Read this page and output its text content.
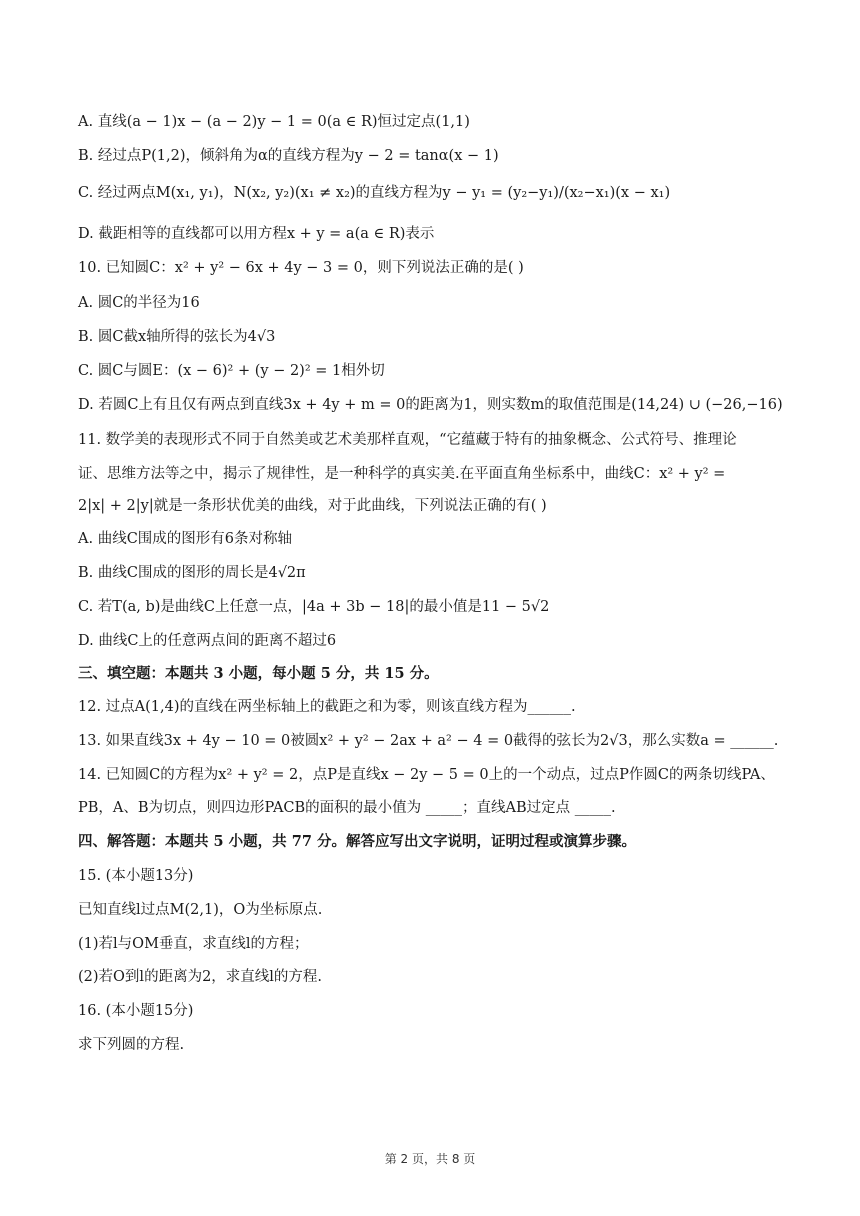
A. 直线(a − 1)x − (a − 2)y − 1 = 0(a ∈ R)恒过定点(1,1)
B. 经过点P(1,2)，倾斜角为α的直线方程为y − 2 = tanα(x − 1)
C. 经过两点M(x₁, y₁)，N(x₂, y₂)(x₁ ≠ x₂)的直线方程为y − y₁ = (y₂−y₁)/(x₂−x₁)(x − x₁)
D. 截距相等的直线都可以用方程x + y = a(a ∈ R)表示
10. 已知圆C：x² + y² − 6x + 4y − 3 = 0，则下列说法正确的是( )
A. 圆C的半径为16
B. 圆C截x轴所得的弦长为4√3
C. 圆C与圆E：(x − 6)² + (y − 2)² = 1相外切
D. 若圆C上有且仅有两点到直线3x + 4y + m = 0的距离为1，则实数m的取值范围是(14,24) ∪ (−26,−16)
11. 数学美的表现形式不同于自然美或艺术美那样直观，“它蕴藏于特有的抽象概念、公式符号、推理论
证、思维方法等之中，揭示了规律性，是一种科学的真实美.在平面直角坐标系中，曲线C：x² + y² =
2|x| + 2|y|就是一条形状优美的曲线，对于此曲线，下列说法正确的有( )
A. 曲线C围成的图形有6条对称轴
B. 曲线C围成的图形的周长是4√2π
C. 若T(a, b)是曲线C上任意一点，|4a + 3b − 18|的最小值是11 − 5√2
D. 曲线C上的任意两点间的距离不超过6
三、填空题：本题共 3 小题，每小题 5 分，共 15 分。
12. 过点A(1,4)的直线在两坐标轴上的截距之和为零，则该直线方程为______.
13. 如果直线3x + 4y − 10 = 0被圆x² + y² − 2ax + a² − 4 = 0截得的弦长为2√3，那么实数a = ______.
14. 已知圆C的方程为x² + y² = 2，点P是直线x − 2y − 5 = 0上的一个动点，过点P作圆C的两条切线PA、
PB，A、B为切点，则四边形PACB的面积的最小值为 _____；直线AB过定点 _____.
四、解答题：本题共 5 小题，共 77 分。解答应写出文字说明，证明过程或演算步骤。
15. (本小题13分)
已知直线l过点M(2,1)，O为坐标原点.
(1)若l与OM垂直，求直线l的方程；
(2)若O到l的距离为2，求直线l的方程.
16. (本小题15分)
求下列圆的方程.
第 2 页，共 8 页
